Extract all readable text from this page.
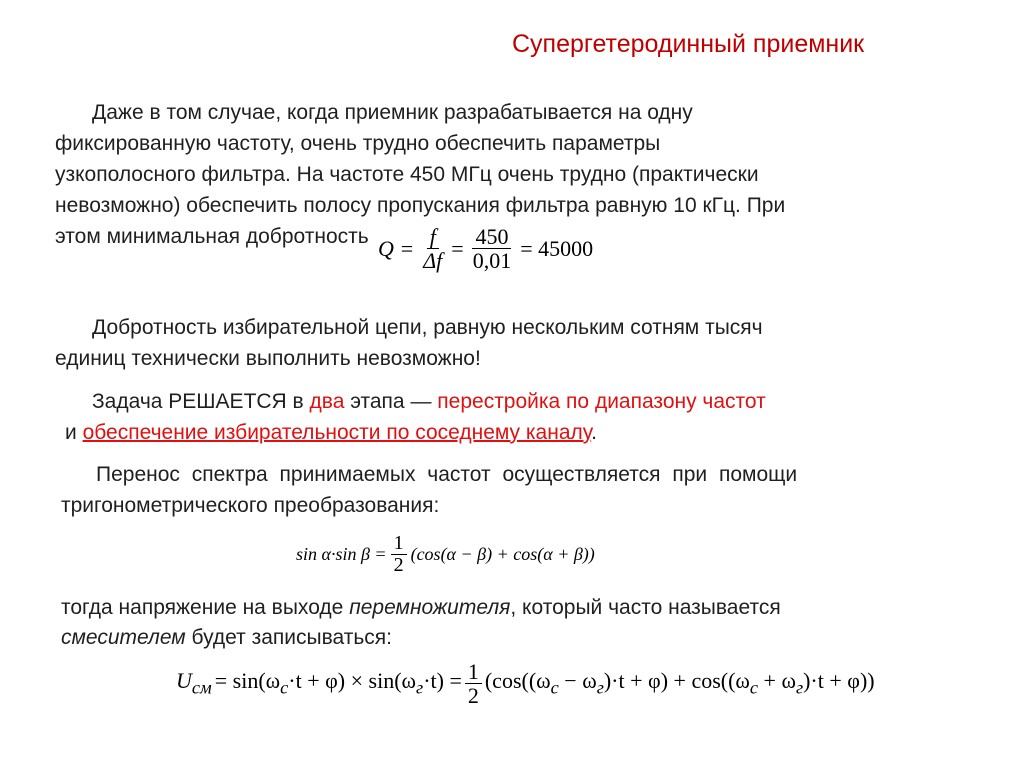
Супергетеродинный приемник
Даже в том случае, когда приемник разрабатывается на одну
фиксированную частоту, очень трудно обеспечить параметры
узкополосного фильтра. На частоте 450 МГц очень трудно (практически
невозможно) обеспечить полосу пропускания фильтра равную 10 кГц. При
этом минимальная добротность $Q = \frac{f}{\Delta f} = \frac{450}{0,01} = 45000$
Добротность избирательной цепи, равную нескольким сотням тысяч
единиц технически выполнить невозможно!
Задача РЕШАЕТСЯ в два этапа — перестройка по диапазону частот
и обеспечение избирательности по соседнему каналу.
Перенос спектра принимаемых частот осуществляется при помощи
тригонометрического преобразования:
sin α·sin $\beta = \frac{1}{2} (\cos(\alpha - \beta) + \cos(\alpha + \beta))$
тогда напряжение на выходе перемножителя, который часто называется
смесителем будет записываться:
$U_{см} = \sin(\omega_c\cdot t + \varphi) \times \sin(\omega_г\cdot t) = \frac{1}{2} (\cos((\omega_c - \omega_г)\cdot t + \varphi) + \cos((\omega_c + \omega_г)\cdot t + \varphi))$
